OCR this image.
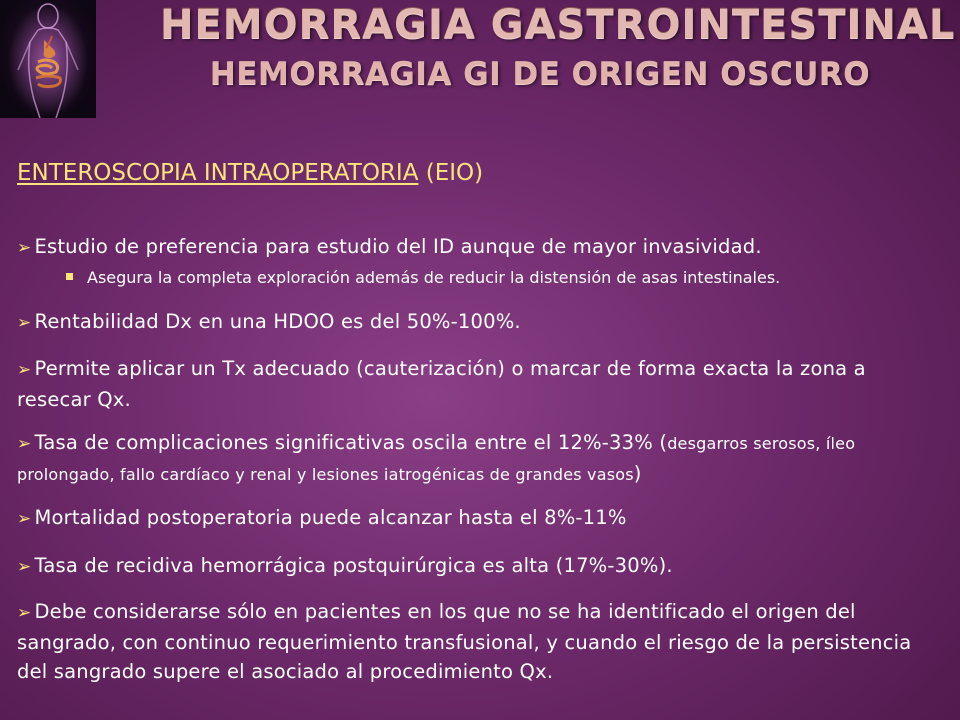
HEMORRAGIA GASTROINTESTINAL
HEMORRAGIA GI DE ORIGEN OSCURO
ENTEROSCOPIA INTRAOPERATORIA (EIO)
➢ Estudio de preferencia para estudio del ID aunque de mayor invasividad.
Asegura la completa exploración además de reducir la distensión de asas intestinales.
➢ Rentabilidad Dx en una HDOO es del 50%-100%.
➢ Permite aplicar un Tx adecuado (cauterización) o marcar de forma exacta la zona a resecar Qx.
➢ Tasa de complicaciones significativas oscila entre el 12%-33% (desgarros serosos, íleo prolongado, fallo cardíaco y renal y lesiones iatrogénicas de grandes vasos)
➢ Mortalidad postoperatoria puede alcanzar hasta el 8%-11%
➢ Tasa de recidiva hemorrágica postquirúrgica es alta (17%-30%).
➢ Debe considerarse sólo en pacientes en los que no se ha identificado el origen del sangrado, con continuo requerimiento transfusional, y cuando el riesgo de la persistencia del sangrado supere el asociado al procedimiento Qx.
